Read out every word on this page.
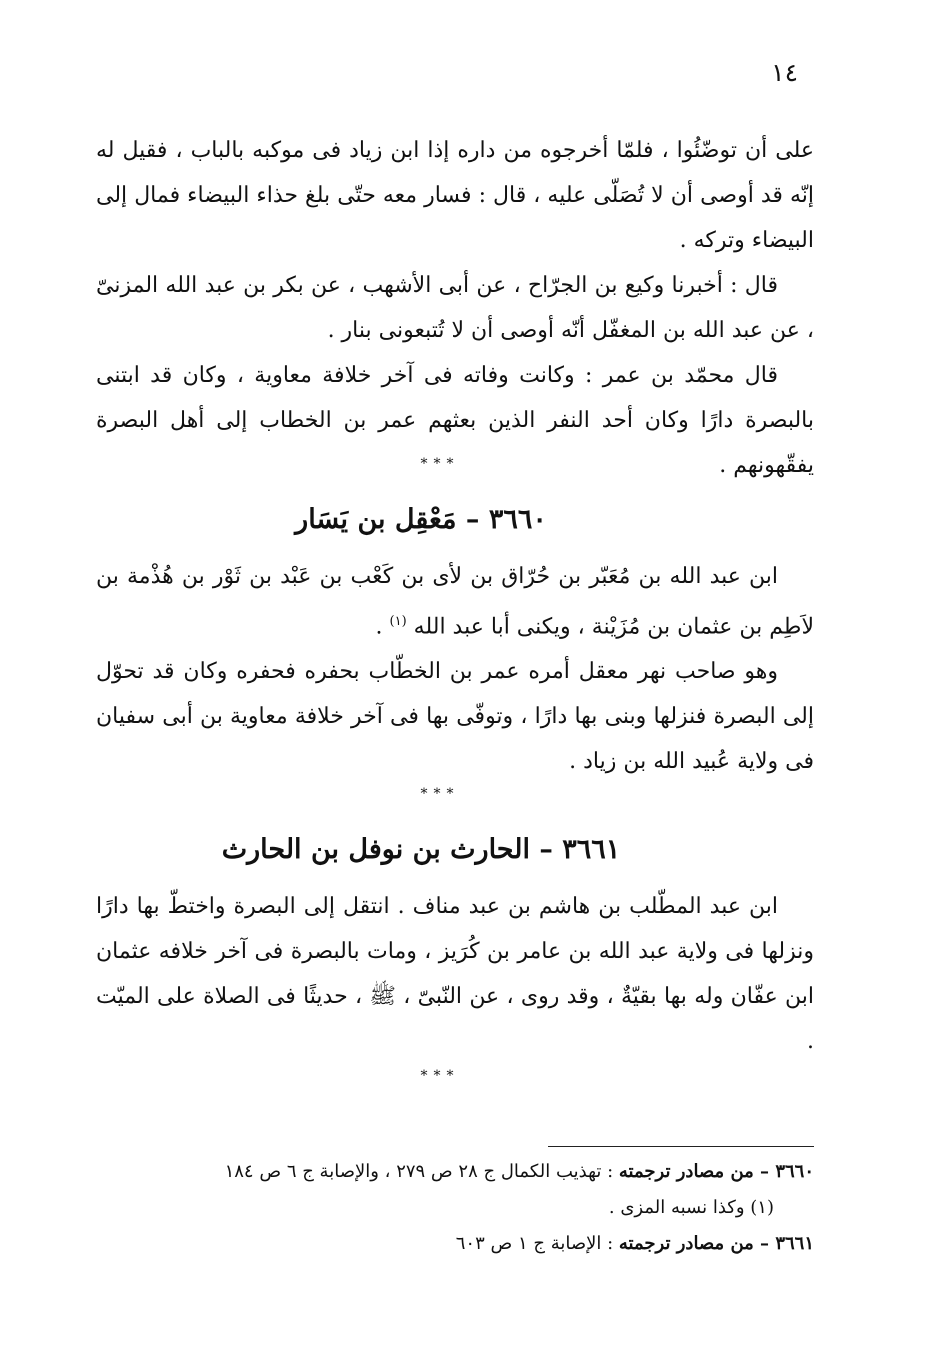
١٤

على أن توضّئُوا ، فلمّا أخرجوه من داره إذا ابن زياد فى موكبه بالباب ، فقيل له إنّه قد أوصى أن لا تُصَلّى عليه ، قال : فسار معه حتّى بلغ حذاء البيضاء فمال إلى البيضاء وتركه .

قال : أخبرنا وكيع بن الجرّاح ، عن أبى الأشهب ، عن بكر بن عبد الله المزنىّ ، عن عبد الله بن المغفّل أنّه أوصى أن لا تُتبعونى بنار .

قال محمّد بن عمر : وكانت وفاته فى آخر خلافة معاوية ، وكان قد ابتنى بالبصرة دارًا وكان أحد النفر الذين بعثهم عمر بن الخطاب إلى أهل البصرة يفقّهونهم .

***
٣٦٦٠ – مَعْقِل بن يَسَار

ابن عبد الله بن مُعَبّر بن حُرّاق بن لأى بن كَعْب بن عَبْد بن ثَوْر بن هُذْمة بن لاَطِم بن عثمان بن مُزَيْنة ، ويكنى أبا عبد الله $^{(١)}$ .

وهو صاحب نهر معقل أمره عمر بن الخطّاب بحفره فحفره وكان قد تحوّل إلى البصرة فنزلها وبنى بها دارًا ، وتوفّى بها فى آخر خلافة معاوية بن أبى سفيان فى ولاية عُبيد الله بن زياد .

***
٣٦٦١ – الحارث بن نوفل بن الحارث

ابن عبد المطّلب بن هاشم بن عبد مناف . انتقل إلى البصرة واختطّ بها دارًا ونزلها فى ولاية عبد الله بن عامر بن كُرَيز ، ومات بالبصرة فى آخر خلافه عثمان ابن عفّان وله بها بقيّةٌ ، وقد روى ، عن النّبىّ ، ﷺ ، حديثًا فى الصلاة على الميّت .

***

٣٦٦٠ – من مصادر ترجمته : تهذيب الكمال ج ٢٨ ص ٢٧٩ ، والإصابة ج ٦ ص ١٨٤

(١) وكذا نسبه المزى .

٣٦٦١ – من مصادر ترجمته : الإصابة ج ١ ص ٦٠٣
